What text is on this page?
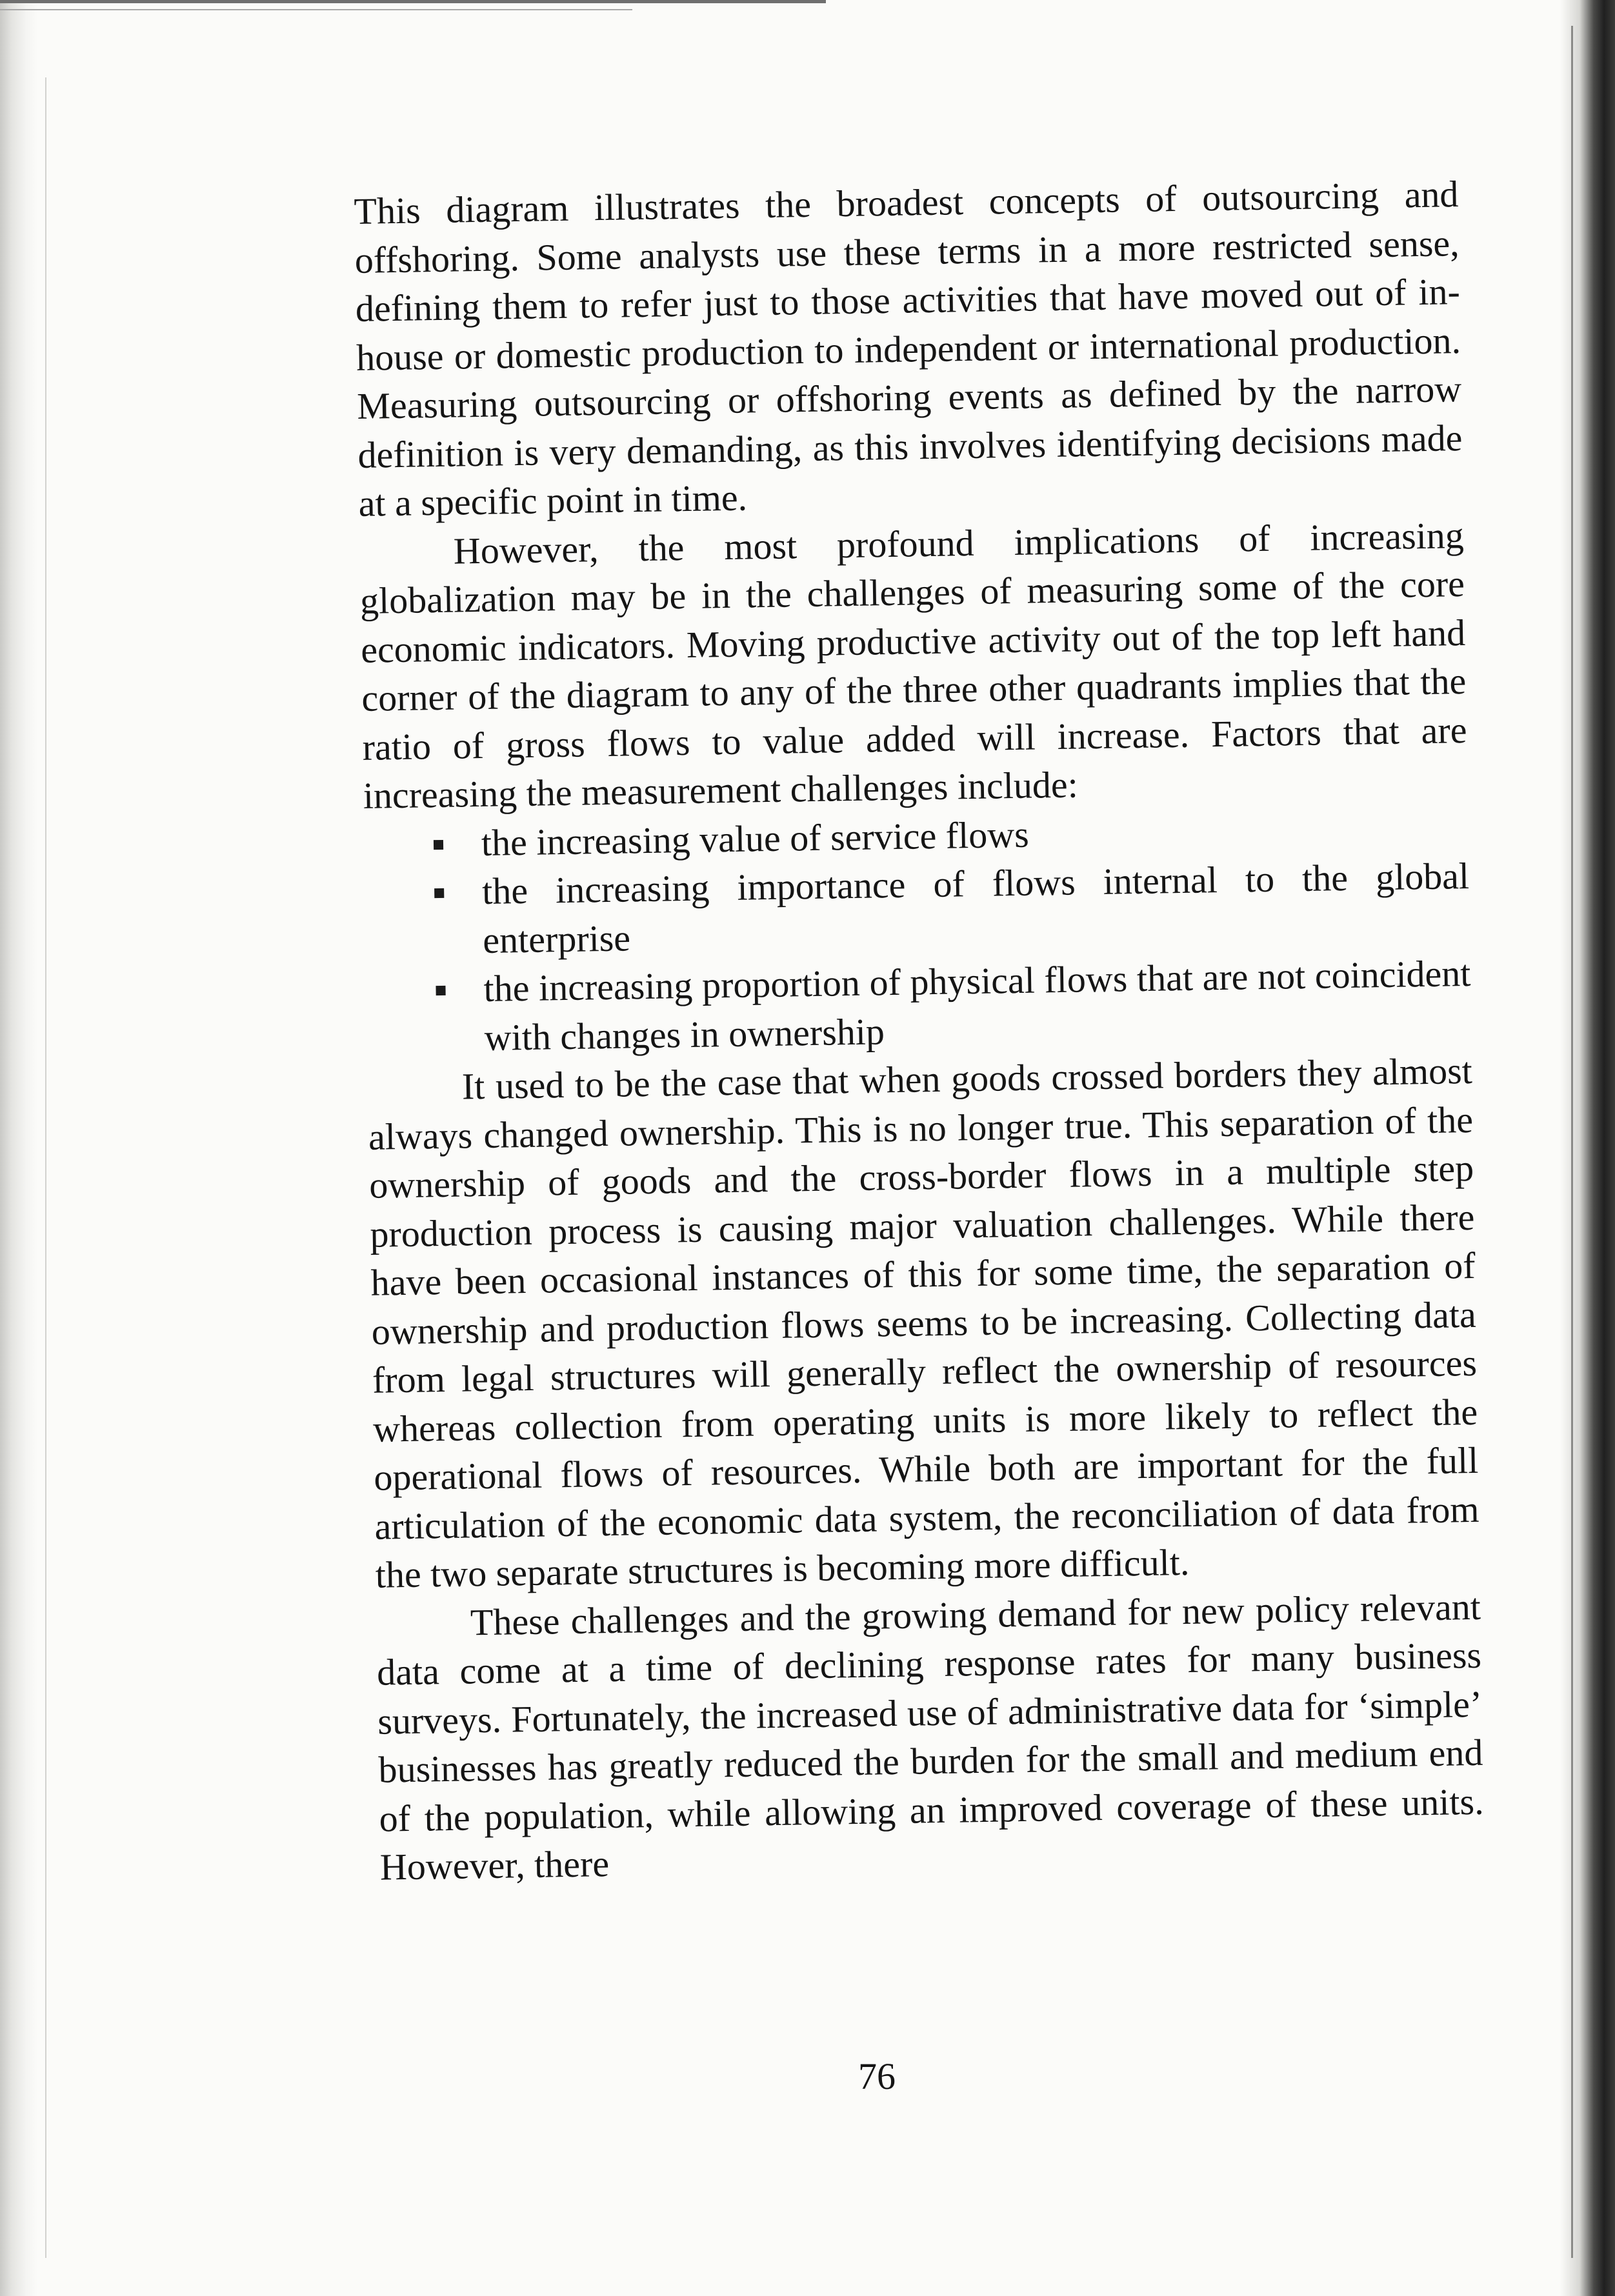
This diagram illustrates the broadest concepts of outsourcing and offshoring. Some analysts use these terms in a more restricted sense, defining them to refer just to those activities that have moved out of in-house or domestic production to independent or international production. Measuring outsourcing or offshoring events as defined by the narrow definition is very demanding, as this involves identifying decisions made at a specific point in time.

However, the most profound implications of increasing globalization may be in the challenges of measuring some of the core economic indicators. Moving productive activity out of the top left hand corner of the diagram to any of the three other quadrants implies that the ratio of gross flows to value added will increase. Factors that are increasing the measurement challenges include:

the increasing value of service flows
the increasing importance of flows internal to the global enterprise
the increasing proportion of physical flows that are not coincident with changes in ownership

It used to be the case that when goods crossed borders they almost always changed ownership. This is no longer true. This separation of the ownership of goods and the cross-border flows in a multiple step production process is causing major valuation challenges. While there have been occasional instances of this for some time, the separation of ownership and production flows seems to be increasing. Collecting data from legal structures will generally reflect the ownership of resources whereas collection from operating units is more likely to reflect the operational flows of resources. While both are important for the full articulation of the economic data system, the reconciliation of data from the two separate structures is becoming more difficult.

These challenges and the growing demand for new policy relevant data come at a time of declining response rates for many business surveys. Fortunately, the increased use of administrative data for ‘simple’ businesses has greatly reduced the burden for the small and medium end of the population, while allowing an improved coverage of these units. However, there

76
